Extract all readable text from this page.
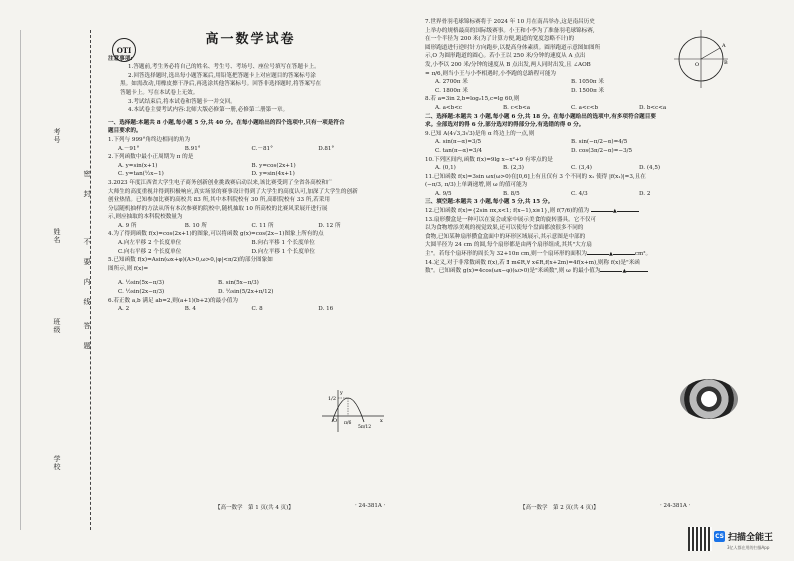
考号
姓名
班级
学校
密
封
不
要
内
线
答
题
OTI
高一数学试卷
注意事项:
1.答题前,考生务必将自己的姓名、考生号、考场号、座位号填写在答题卡上。
2.回答选择题时,选出每小题答案后,用铅笔把答题卡上对应题目的答案标号涂
黑。如需改动,用橡皮擦干净后,再选涂其他答案标号。回答非选择题时,将答案写在
答题卡上。写在本试卷上无效。
3.考试结束后,将本试卷和答题卡一并交回。
4.本试卷主要考试内容:北师大版必修第一册,必修第二册第一章。
一、选择题:本题共 8 小题,每小题 5 分,共 40 分。在每小题给出的四个选项中,只有一项是符合
题目要求的。
1.下列与 999°角终边相同的角为
A.－91°	B.91°	C.－81°	D.81°
2.下列函数中最小正周期为 π 的是
A. y=sin(x+1)	B. y=cos(2x+1)
C. y=tan(½x−1)	D. y=sin(4x+1)
3.2023 年度江西省大学生电子商务创新创业挑战赛启动以来,该比赛受到了全省各高校和广
大师生的高度重视并得到积极响应,真实场景的赛事设计得到了大学生的高度认可,加深了大学生的创新
创业热情。已知参加比赛的高校共 83 所,其中本科院校有 30 所,高职院校有 33 所,若采用
分层随机抽样的方法从所有本次参赛的院校中,随机抽取 10 所高校的比赛风采展开进行展
示,则应抽取的本科院校数量为
A. 9 所	B. 10 所	C. 11 所	D. 12 所
4.为了得到函数 f(x)=cos(2x+1)的图象,可以将函数 g(x)=cos(2x−1)图象上所有的点
A.向左平移 2 个长度单位	B.向右平移 1 个长度单位
C.向右平移 2 个长度单位	D.向左平移 1 个长度单位
5.已知函数 f(x)=Asin(ωx+φ)(A>0,ω>0,|φ|<π/2)的部分图象如
图所示,则 f(x)=
A. ½sin(5x−π/3)	B. sin(5x−π/3)
C. ½sin(2x−π/3)	D. ½sin(5/2x+π/12)
6.若正数 a,b 满足 ab=2,则(a+1)(b+2)的最小值为
A. 2	B. 4	C. 8	D. 16
1/2
O π/6
5π/12
x
y
【高一数学　第 1 页(共 4 页)】	· 24-381A ·
7.世界骨羽毛球锦标赛将于 2024 年 10 月在南昌举办,这是南昌历史
上举办的规格最高的国际级赛事。小王和小李为了准备羽毛球锦标赛,
在一个半径为 200 米(为了计算方便,跑道的宽度忽略不计)的
圆形跑道进行逆时针方向跑步,以提高身体素质。圆形跑道示意图如图所
示,O 为圆形跑道的圆心。若小王以 250 米/分钟的速度从 A 点出
发,小李以 200 米/分钟的速度从 B 点出发,两人同时出发,且 ∠AOB
= π/6,则当小王与小李相遇时,小李跑的总路程可能为
A. 2700π 米	B. 1050π 米
C. 1800π 米	D. 1500π 米
8.若 a=3in 2,b=log₂15,c=lg 60,则
A. a<b<c	B. c<b<a	C. a<c<b	D. b<c<a
二、选择题:本题共 3 小题,每小题 6 分,共 18 分。在每小题给出的选项中,有多项符合题目要
求。全部选对的得 6 分,部分选对的得部分分,有选错的得 0 分。
9.已知 A(4√3,3√3)是角 α 终边上的一点,则
A. sin(π−α)=3/5	B. sin(−π/2−α)=4/5
C. tan(π−α)=3/4	D. cos(3π/2−α)=−3/5
10.下列区间内,函数 f(x)=9lg x−x²+9 有零点的是
A. (0,1)	B. (2,3)	C. (3,4)	D. (4,5)
11.已知函数 f(x)=3sin ωx(ω>0)在[0,6]上有且仅有 3 个不同的 x₁ 使得 |f(x₁)|=3,且在
(−π/3, π/3)上单调递增,则 ω 的值可能为
A. 9/5	B. 8/5	C. 4/3	D. 2
三、填空题:本题共 3 小题,每小题 5 分,共 15 分。
12.已知函数 f(x)={2sin πx,x<1; f(x−1),x≥1},则 f(7/6)的值为	▲
13.扇形攒盒是一种可以在宴会或家中展示美食的旋转器具。它不仅可
以为食物增添美观的视觉效果,还可以使每个盘面都放很多不同的
食物,已知某种扇形攒盒盒面中的环形区域展示,其示意图是中部的
大圆半径为 24 cm 的圆,每个扇形都是由两个扇形组成,其其"大方扇
主"。若每个扇环形的周长为 32+10π cm,则一个扇环形的面积为	▲	cm²。
14.定义,对于非常数函数 f(x),若 ∃ m∈R,∀ x∈R,f(x+2m)=4f(x+m),则称 f(x)是"米函
数"。已知函数 g(x)=4cos(ωx−φ)(ω>0)是"米函数",则 ω 的最小值为	▲
O
A
B
【高一数学　第 2 页(共 4 页)】	· 24-381A ·
CS 扫描全能王
3亿人都在用的扫描App
